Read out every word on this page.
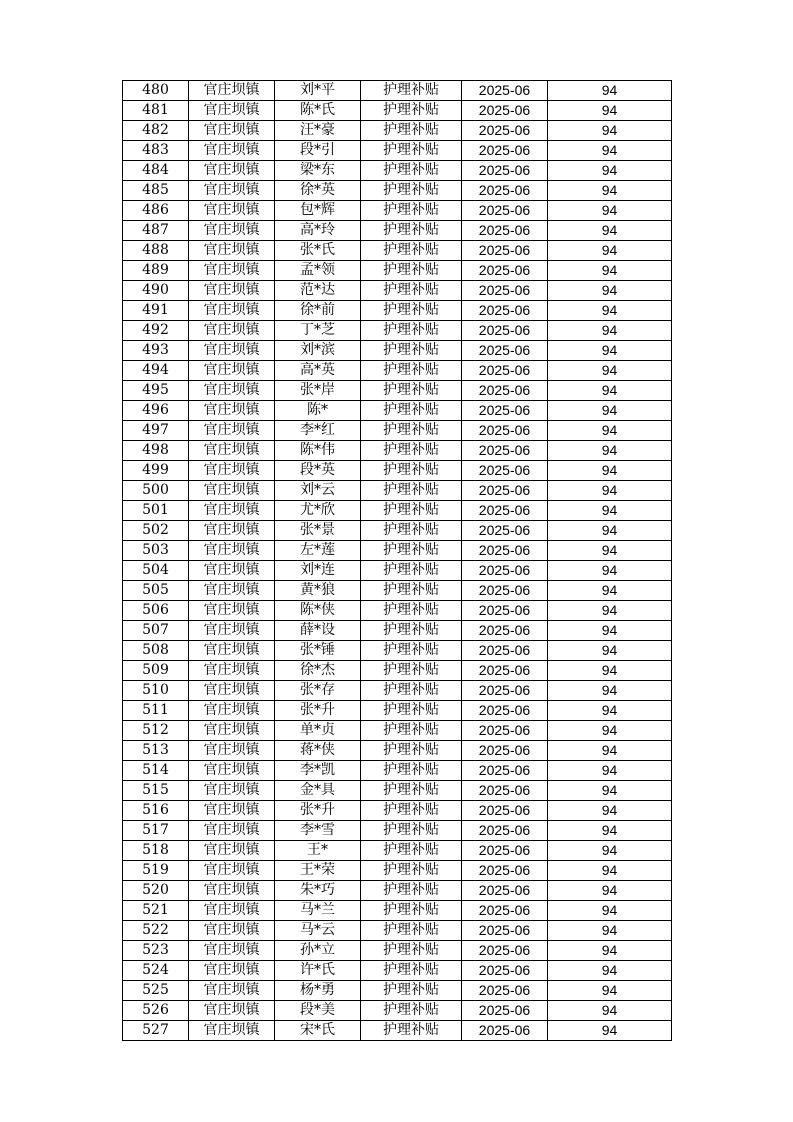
480	官庄坝镇	刘*平	护理补贴	2025-06	94
481	官庄坝镇	陈*氏	护理补贴	2025-06	94
482	官庄坝镇	汪*豪	护理补贴	2025-06	94
483	官庄坝镇	段*引	护理补贴	2025-06	94
484	官庄坝镇	梁*东	护理补贴	2025-06	94
485	官庄坝镇	徐*英	护理补贴	2025-06	94
486	官庄坝镇	包*辉	护理补贴	2025-06	94
487	官庄坝镇	高*玲	护理补贴	2025-06	94
488	官庄坝镇	张*氏	护理补贴	2025-06	94
489	官庄坝镇	孟*领	护理补贴	2025-06	94
490	官庄坝镇	范*达	护理补贴	2025-06	94
491	官庄坝镇	徐*前	护理补贴	2025-06	94
492	官庄坝镇	丁*芝	护理补贴	2025-06	94
493	官庄坝镇	刘*滨	护理补贴	2025-06	94
494	官庄坝镇	高*英	护理补贴	2025-06	94
495	官庄坝镇	张*岸	护理补贴	2025-06	94
496	官庄坝镇	陈*	护理补贴	2025-06	94
497	官庄坝镇	李*红	护理补贴	2025-06	94
498	官庄坝镇	陈*伟	护理补贴	2025-06	94
499	官庄坝镇	段*英	护理补贴	2025-06	94
500	官庄坝镇	刘*云	护理补贴	2025-06	94
501	官庄坝镇	尤*欣	护理补贴	2025-06	94
502	官庄坝镇	张*景	护理补贴	2025-06	94
503	官庄坝镇	左*莲	护理补贴	2025-06	94
504	官庄坝镇	刘*连	护理补贴	2025-06	94
505	官庄坝镇	黄*狼	护理补贴	2025-06	94
506	官庄坝镇	陈*侠	护理补贴	2025-06	94
507	官庄坝镇	薛*设	护理补贴	2025-06	94
508	官庄坝镇	张*锤	护理补贴	2025-06	94
509	官庄坝镇	徐*杰	护理补贴	2025-06	94
510	官庄坝镇	张*存	护理补贴	2025-06	94
511	官庄坝镇	张*升	护理补贴	2025-06	94
512	官庄坝镇	单*贞	护理补贴	2025-06	94
513	官庄坝镇	蒋*侠	护理补贴	2025-06	94
514	官庄坝镇	李*凯	护理补贴	2025-06	94
515	官庄坝镇	金*具	护理补贴	2025-06	94
516	官庄坝镇	张*升	护理补贴	2025-06	94
517	官庄坝镇	李*雪	护理补贴	2025-06	94
518	官庄坝镇	王*	护理补贴	2025-06	94
519	官庄坝镇	王*荣	护理补贴	2025-06	94
520	官庄坝镇	朱*巧	护理补贴	2025-06	94
521	官庄坝镇	马*兰	护理补贴	2025-06	94
522	官庄坝镇	马*云	护理补贴	2025-06	94
523	官庄坝镇	孙*立	护理补贴	2025-06	94
524	官庄坝镇	许*氏	护理补贴	2025-06	94
525	官庄坝镇	杨*勇	护理补贴	2025-06	94
526	官庄坝镇	段*美	护理补贴	2025-06	94
527	官庄坝镇	宋*氏	护理补贴	2025-06	94
